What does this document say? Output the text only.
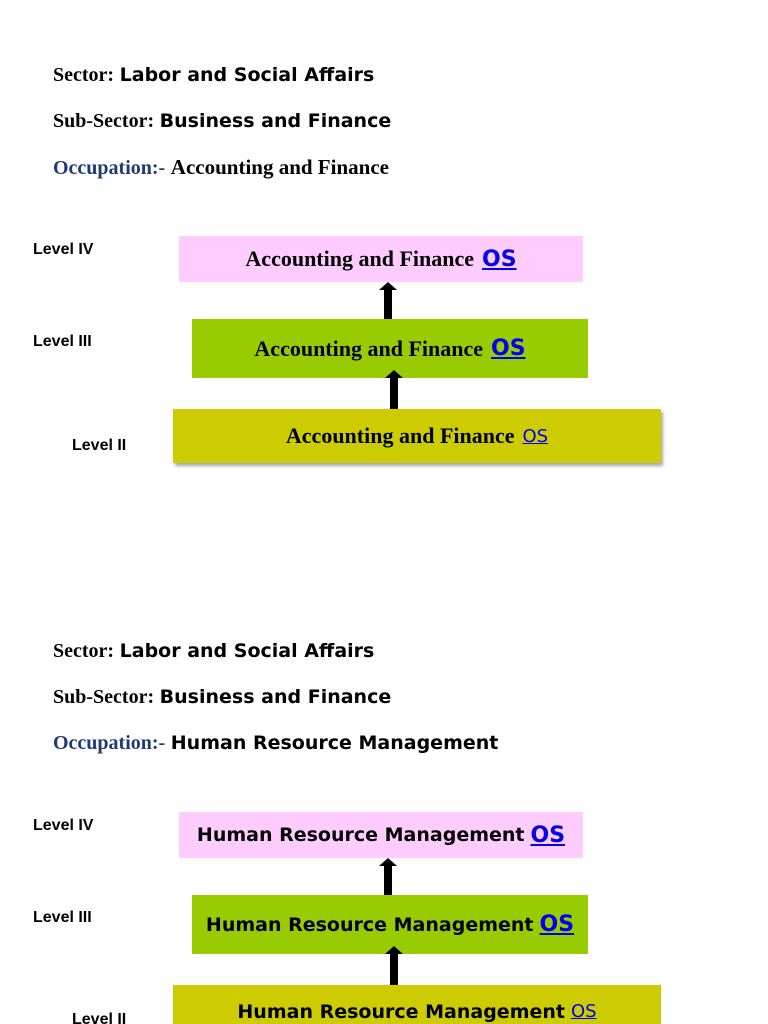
Sector: Labor and Social Affairs
Sub-Sector: Business and Finance
Occupation:- Accounting and Finance
Level IV	Accounting and Finance OS
Level III	Accounting and Finance OS
Level II	Accounting and Finance OS
Sector: Labor and Social Affairs
Sub-Sector: Business and Finance
Occupation:- Human Resource Management
Level IV	Human Resource Management OS
Level III	Human Resource Management OS
Level II	Human Resource Management OS
